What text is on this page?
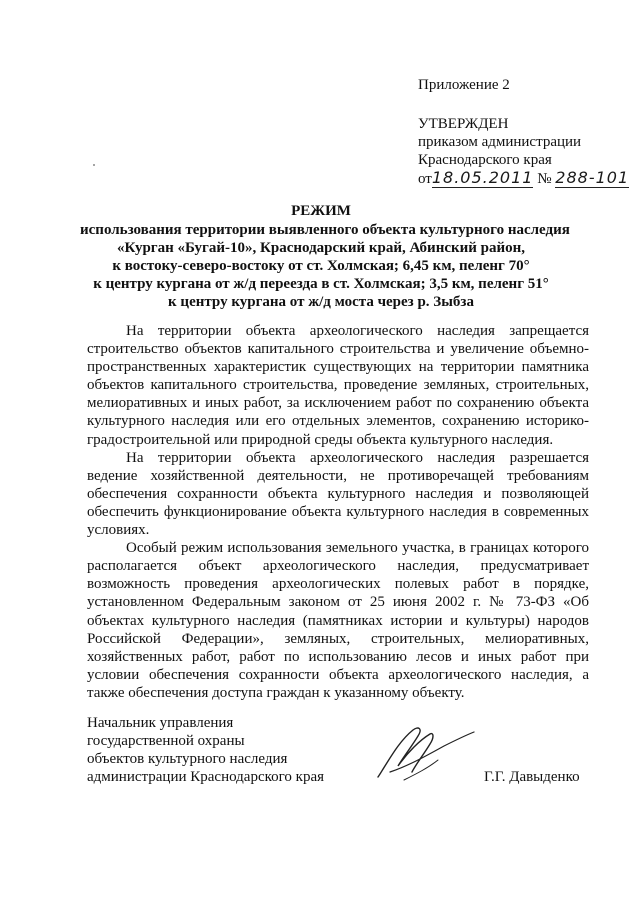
Приложение 2
УТВЕРЖДЕН
приказом администрации
Краснодарского края
от18.05.2011 № 288-101
РЕЖИМ
использования территории выявленного объекта культурного наследия
«Курган «Бугай-10», Краснодарский край, Абинский район,
к востоку-северо-востоку от ст. Холмская; 6,45 км, пеленг 70°
к центру кургана от ж/д переезда в ст. Холмская; 3,5 км, пеленг 51°
к центру кургана от ж/д моста через р. Зыбза

На территории объекта археологического наследия запрещается строительство объектов капитального строительства и увеличение объемно-пространственных характеристик существующих на территории памятника объектов капитального строительства, проведение земляных, строительных, мелиоративных и иных работ, за исключением работ по сохранению объекта культурного наследия или его отдельных элементов, сохранению историко-градостроительной или природной среды объекта культурного наследия.

На территории объекта археологического наследия разрешается ведение хозяйственной деятельности, не противоречащей требованиям обеспечения сохранности объекта культурного наследия и позволяющей обеспечить функционирование объекта культурного наследия в современных условиях.

Особый режим использования земельного участка, в границах которого располагается объект археологического наследия, предусматривает возможность проведения археологических полевых работ в порядке, установленном Федеральным законом от 25 июня 2002 г. № 73-ФЗ «Об объектах культурного наследия (памятниках истории и культуры) народов Российской Федерации», земляных, строительных, мелиоративных, хозяйственных работ, работ по использованию лесов и иных работ при условии обеспечения сохранности объекта археологического наследия, а также обеспечения доступа граждан к указанному объекту.

Начальник управления
государственной охраны
объектов культурного наследия
администрации Краснодарского края	Г.Г. Давыденко
